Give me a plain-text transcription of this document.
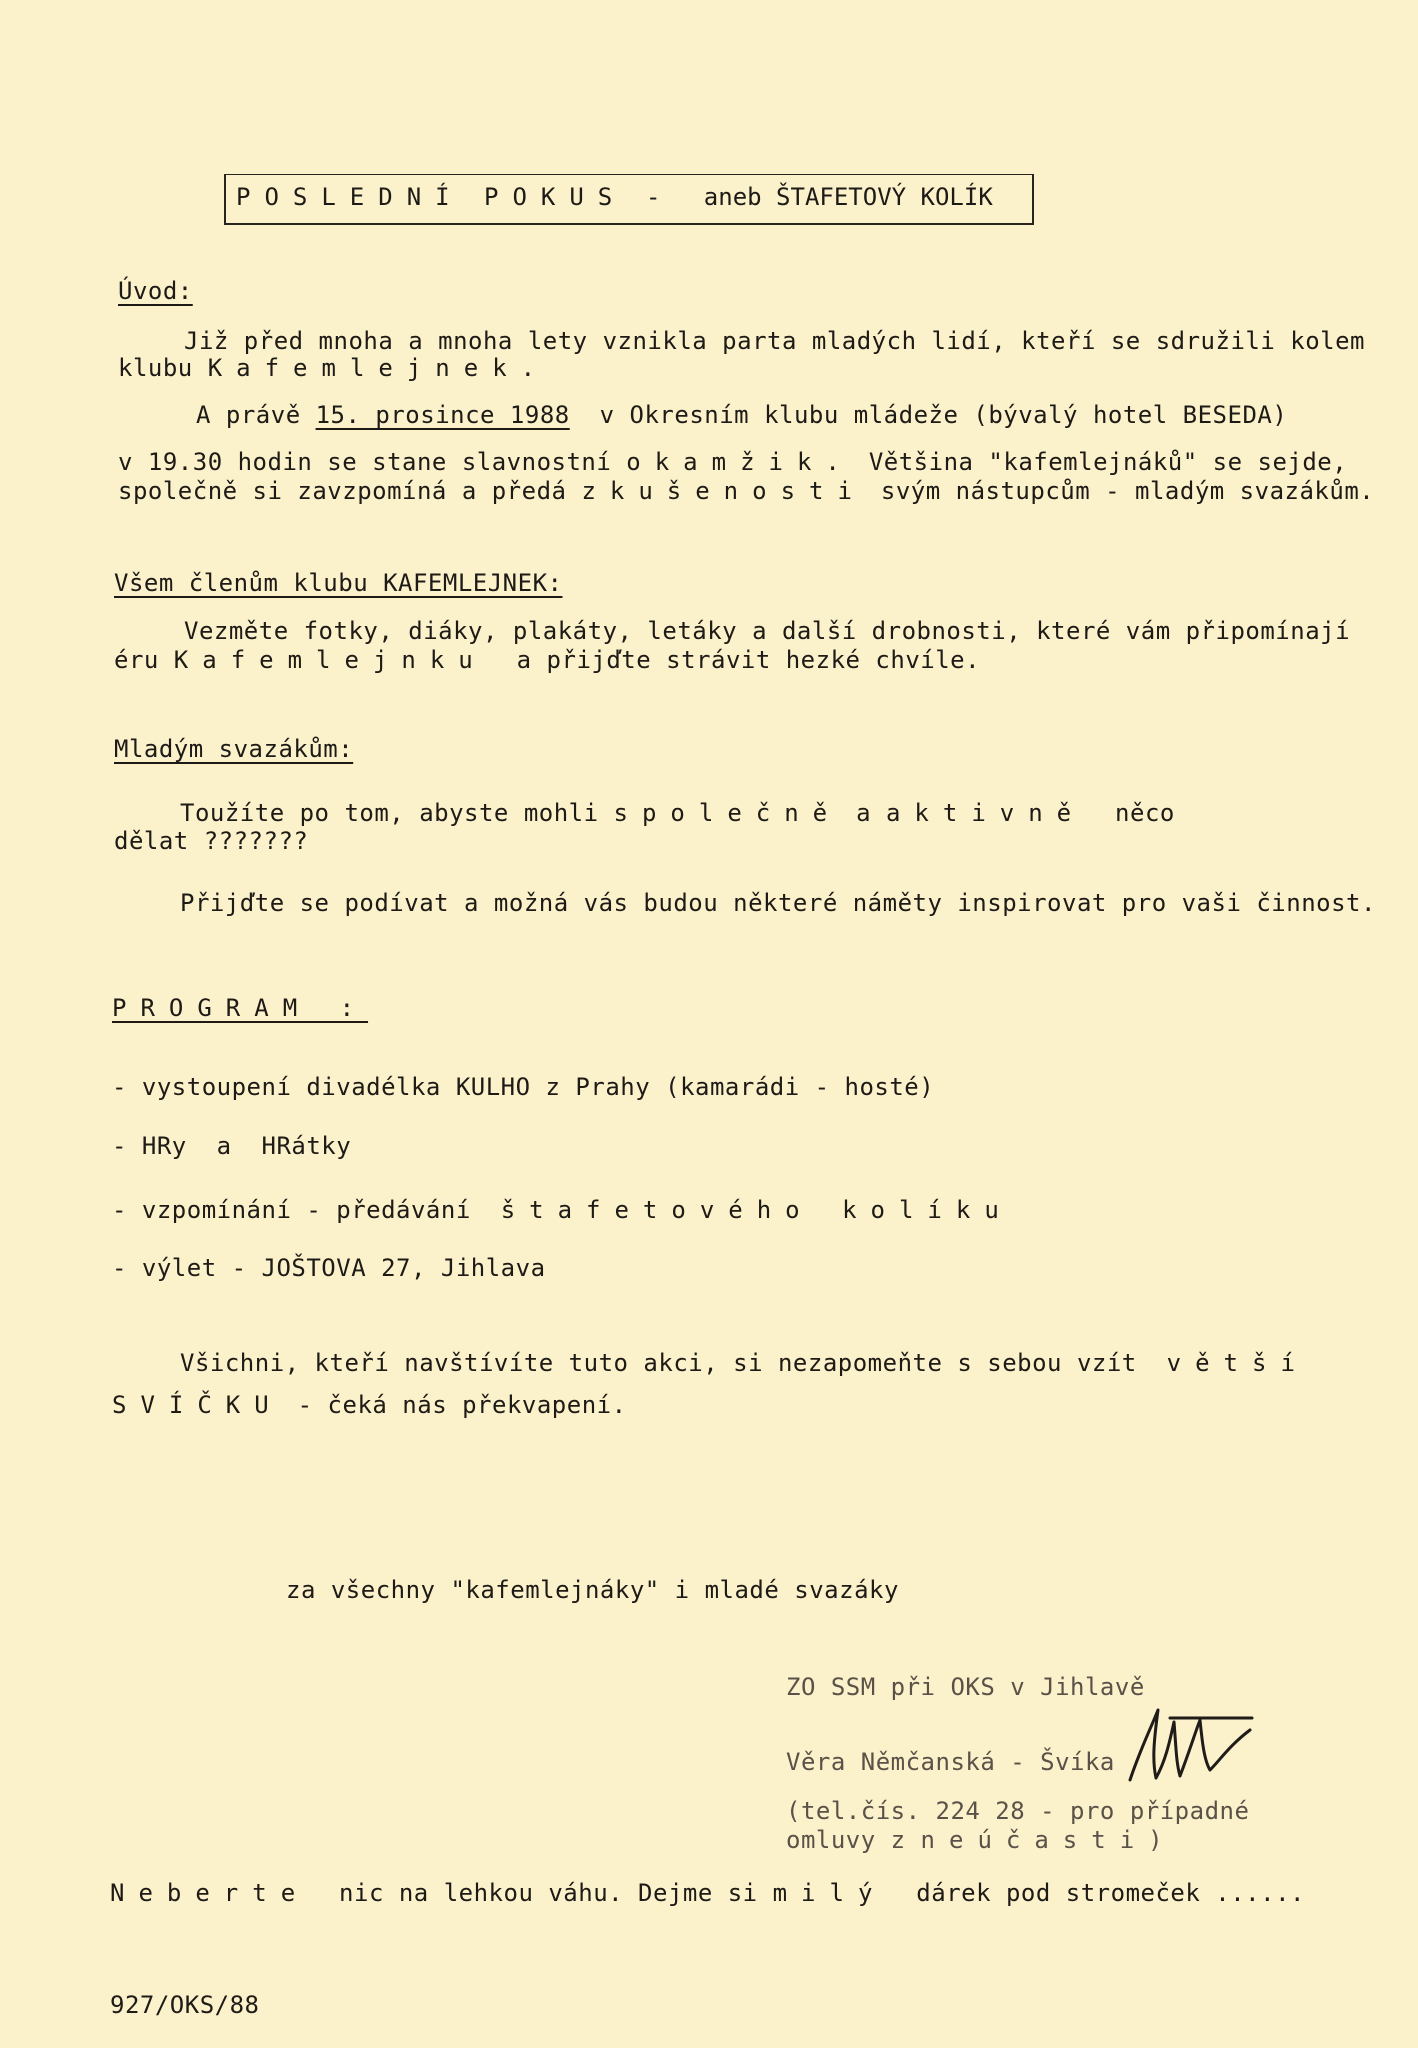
POSLEDNÍ POKUS -   aneb ŠTAFETOVÝ KOLÍK
Úvod:
Již před mnoha a mnoha lety vznikla parta mladých lidí, kteří se sdružili kolem
klubu Kafemlejnek.
A právě 15. prosince 1988  v Okresním klubu mládeže (bývalý hotel BESEDA)
v 19.30 hodin se stane slavnostní okamžik. Většina "kafemlejnáků" se sejde,
společně si zavzpomíná a předá zkušenosti svým nástupcům - mladým svazákům.
Všem členům klubu KAFEMLEJNEK:
Vezměte fotky, diáky, plakáty, letáky a další drobnosti, které vám připomínají
éru Kafemlejnku  a přijďte strávit hezké chvíle.
Mladým svazákům:
Toužíte po tom, abyste mohli společně a aktivně  něco
dělat ???????
Přijďte se podívat a možná vás budou některé náměty inspirovat pro vaši činnost.
PROGRAM :
- vystoupení divadélka KULHO z Prahy (kamarádi - hosté)
- HRy  a  HRátky
- vzpomínání - předávání  štafetového kolíku
- výlet - JOŠTOVA 27, Jihlava
Všichni, kteří navštívíte tuto akci, si nezapomeňte s sebou vzít  větší
SVÍČKU - čeká nás překvapení.
za všechny "kafemlejnáky" i mladé svazáky
ZO SSM při OKS v Jihlavě
Věra Němčanská - Švíka
(tel.čís. 224 28 - pro případné
omluvy z neúčasti)
Neberte  nic na lehkou váhu. Dejme si milý  dárek pod stromeček ......
927/OKS/88
